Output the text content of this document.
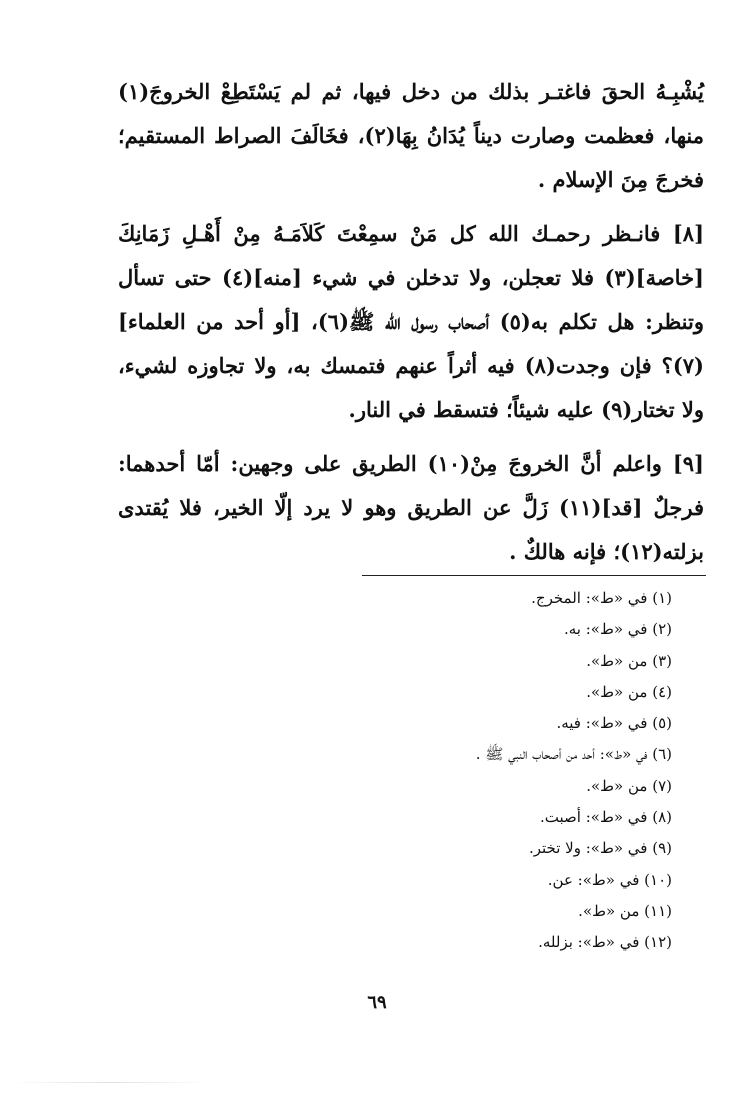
يُشْبِـهُ الحقَ فاغتـر بذلك من دخل فيها، ثم لم يَسْتَطِعْ الخروجَ(١) منها، فعظمت وصارت ديناً يُدَانُ بِهَا(٢)، فخَالَفَ الصراط المستقيم؛ فخرجَ مِنَ الإسلام .

[٨] فانـظر رحمـك الله كل مَنْ سمِعْتَ كَلاَمَـهُ مِنْ أَهْـلِ زَمَانِكَ [خاصة](٣) فلا تعجلن، ولا تدخلن في شيء [منه](٤) حتى تسأل وتنظر: هل تكلم به(٥) أصحاب رسول الله ﷺ(٦)، [أو أحد من العلماء](٧)؟ فإن وجدت(٨) فيه أثراً عنهم فتمسك به، ولا تجاوزه لشيء، ولا تختار(٩) عليه شيئاً؛ فتسقط في النار.

[٩] واعلم أنَّ الخروجَ مِنْ(١٠) الطريق على وجهين: أمّا أحدهما: فرجلٌ [قد](١١) زَلَّ عن الطريق وهو لا يرد إلّا الخير، فلا يُقتدى بزلته(١٢)؛ فإنه هالكٌ .

(١) في «ط»: المخرج.
(٢) في «ط»: به.
(٣) من «ط».
(٤) من «ط».
(٥) في «ط»: فيه.
(٦) في «ط»: أحد من أصحاب النبي ﷺ .
(٧) من «ط».
(٨) في «ط»: أصبت.
(٩) في «ط»: ولا تختر.
(١٠) في «ط»: عن.
(١١) من «ط».
(١٢) في «ط»: بزلله.
٦٩
